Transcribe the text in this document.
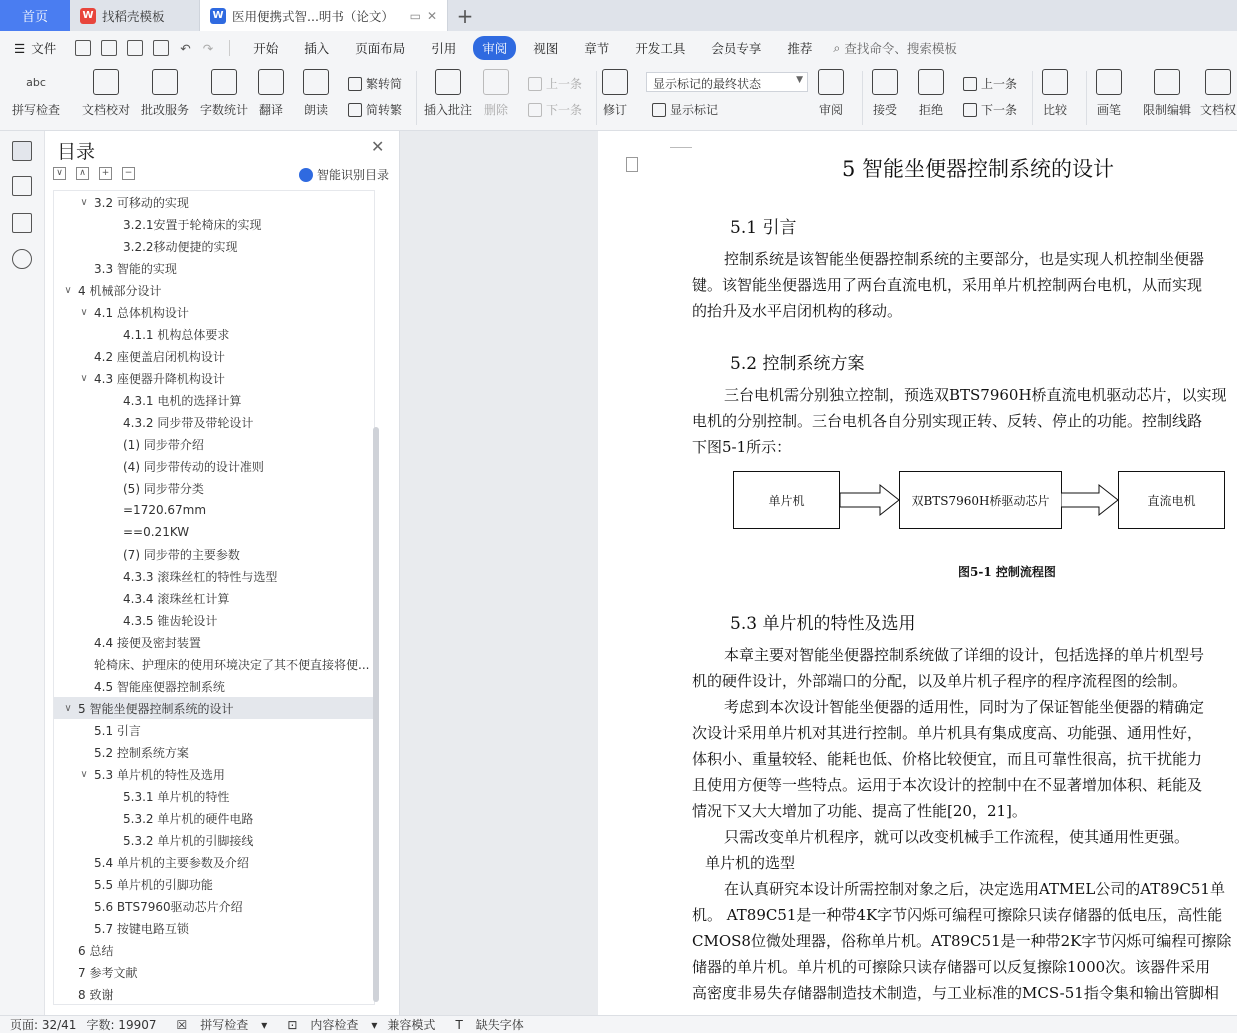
首页	W 找稻壳模板	W 医用便携式智...明书（论文） ▭ ✕ +
☰ 文件	↶ ↷	开始	插入	页面布局	引用	审阅	视图	章节	开发工具	会员专享	推荐	⌕ 查找命令、搜索模板
abc
拼写检查 文档校对 批改服务 字数统计 翻译 朗读
繁转简
简转繁 插入批注 删除
上一条
下一条 修订	显示标记	审阅 接受 拒绝
上一条
下一条 比较 画笔 限制编辑 文档权
显示标记的最终状态	▼
目录	✕
∨	∧	+	−	智能识别目录
∨ 3.2 可移动的实现
3.2.1安置于轮椅床的实现
3.2.2移动便捷的实现
3.3 智能的实现
∨ 4 机械部分设计
∨ 4.1 总体机构设计
4.1.1 机构总体要求
4.2 座便盖启闭机构设计
∨ 4.3 座便器升降机构设计
4.3.1 电机的选择计算
4.3.2 同步带及带轮设计
(1) 同步带介绍
(4) 同步带传动的设计准则
(5) 同步带分类
=1720.67mm
==0.21KW
(7) 同步带的主要参数
4.3.3 滚珠丝杠的特性与选型
4.3.4 滚珠丝杠计算
4.3.5 锥齿轮设计
4.4 接便及密封装置
轮椅床、护理床的使用环境决定了其不便直接将便...
4.5 智能座便器控制系统
∨ 5 智能坐便器控制系统的设计
5.1 引言
5.2 控制系统方案
∨ 5.3 单片机的特性及选用
5.3.1 单片机的特性
5.3.2 单片机的硬件电路
5.3.2 单片机的引脚接线
5.4 单片机的主要参数及介绍
5.5 单片机的引脚功能
5.6 BTS7960驱动芯片介绍
5.7 按键电路互锁
6 总结
7 参考文献
8 致谢
5 智能坐便器控制系统的设计
5.1 引言
控制系统是该智能坐便器控制系统的主要部分，也是实现人机控制坐便器
键。该智能坐便器选用了两台直流电机，采用单片机控制两台电机，从而实现
的抬升及水平启闭机构的移动。
5.2 控制系统方案
三台电机需分别独立控制，预选双BTS7960H桥直流电机驱动芯片，以实现
电机的分别控制。三台电机各自分别实现正转、反转、停止的功能。控制线路
下图5-1所示：
单片机	双BTS7960H桥驱动芯片	直流电机
图5-1 控制流程图
5.3 单片机的特性及选用
本章主要对智能坐便器控制系统做了详细的设计，包括选择的单片机型号
机的硬件设计，外部端口的分配，以及单片机子程序的程序流程图的绘制。
考虑到本次设计智能坐便器的适用性，同时为了保证智能坐便器的精确定
次设计采用单片机对其进行控制。单片机具有集成度高、功能强、通用性好，
体积小、重量较轻、能耗也低、价格比较便宜，而且可靠性很高，抗干扰能力
且使用方便等一些特点。运用于本次设计的控制中在不显著增加体积、耗能及
情况下又大大增加了功能、提高了性能[20，21]。
只需改变单片机程序，就可以改变机械手工作流程，使其通用性更强。
单片机的选型
在认真研究本设计所需控制对象之后，决定选用ATMEL公司的AT89C51单
机。 AT89C51是一种带4K字节闪烁可编程可擦除只读存储器的低电压，高性能
CMOS8位微处理器，俗称单片机。AT89C51是一种带2K字节闪烁可编程可擦除
储器的单片机。单片机的可擦除只读存储器可以反复擦除1000次。该器件采用
高密度非易失存储器制造技术制造，与工业标准的MCS-51指令集和输出管脚相
页面: 32/41 字数: 19907 ☒ 拼写检查 ▾ ⊡ 内容检查 ▾ 兼容模式 T 缺失字体
